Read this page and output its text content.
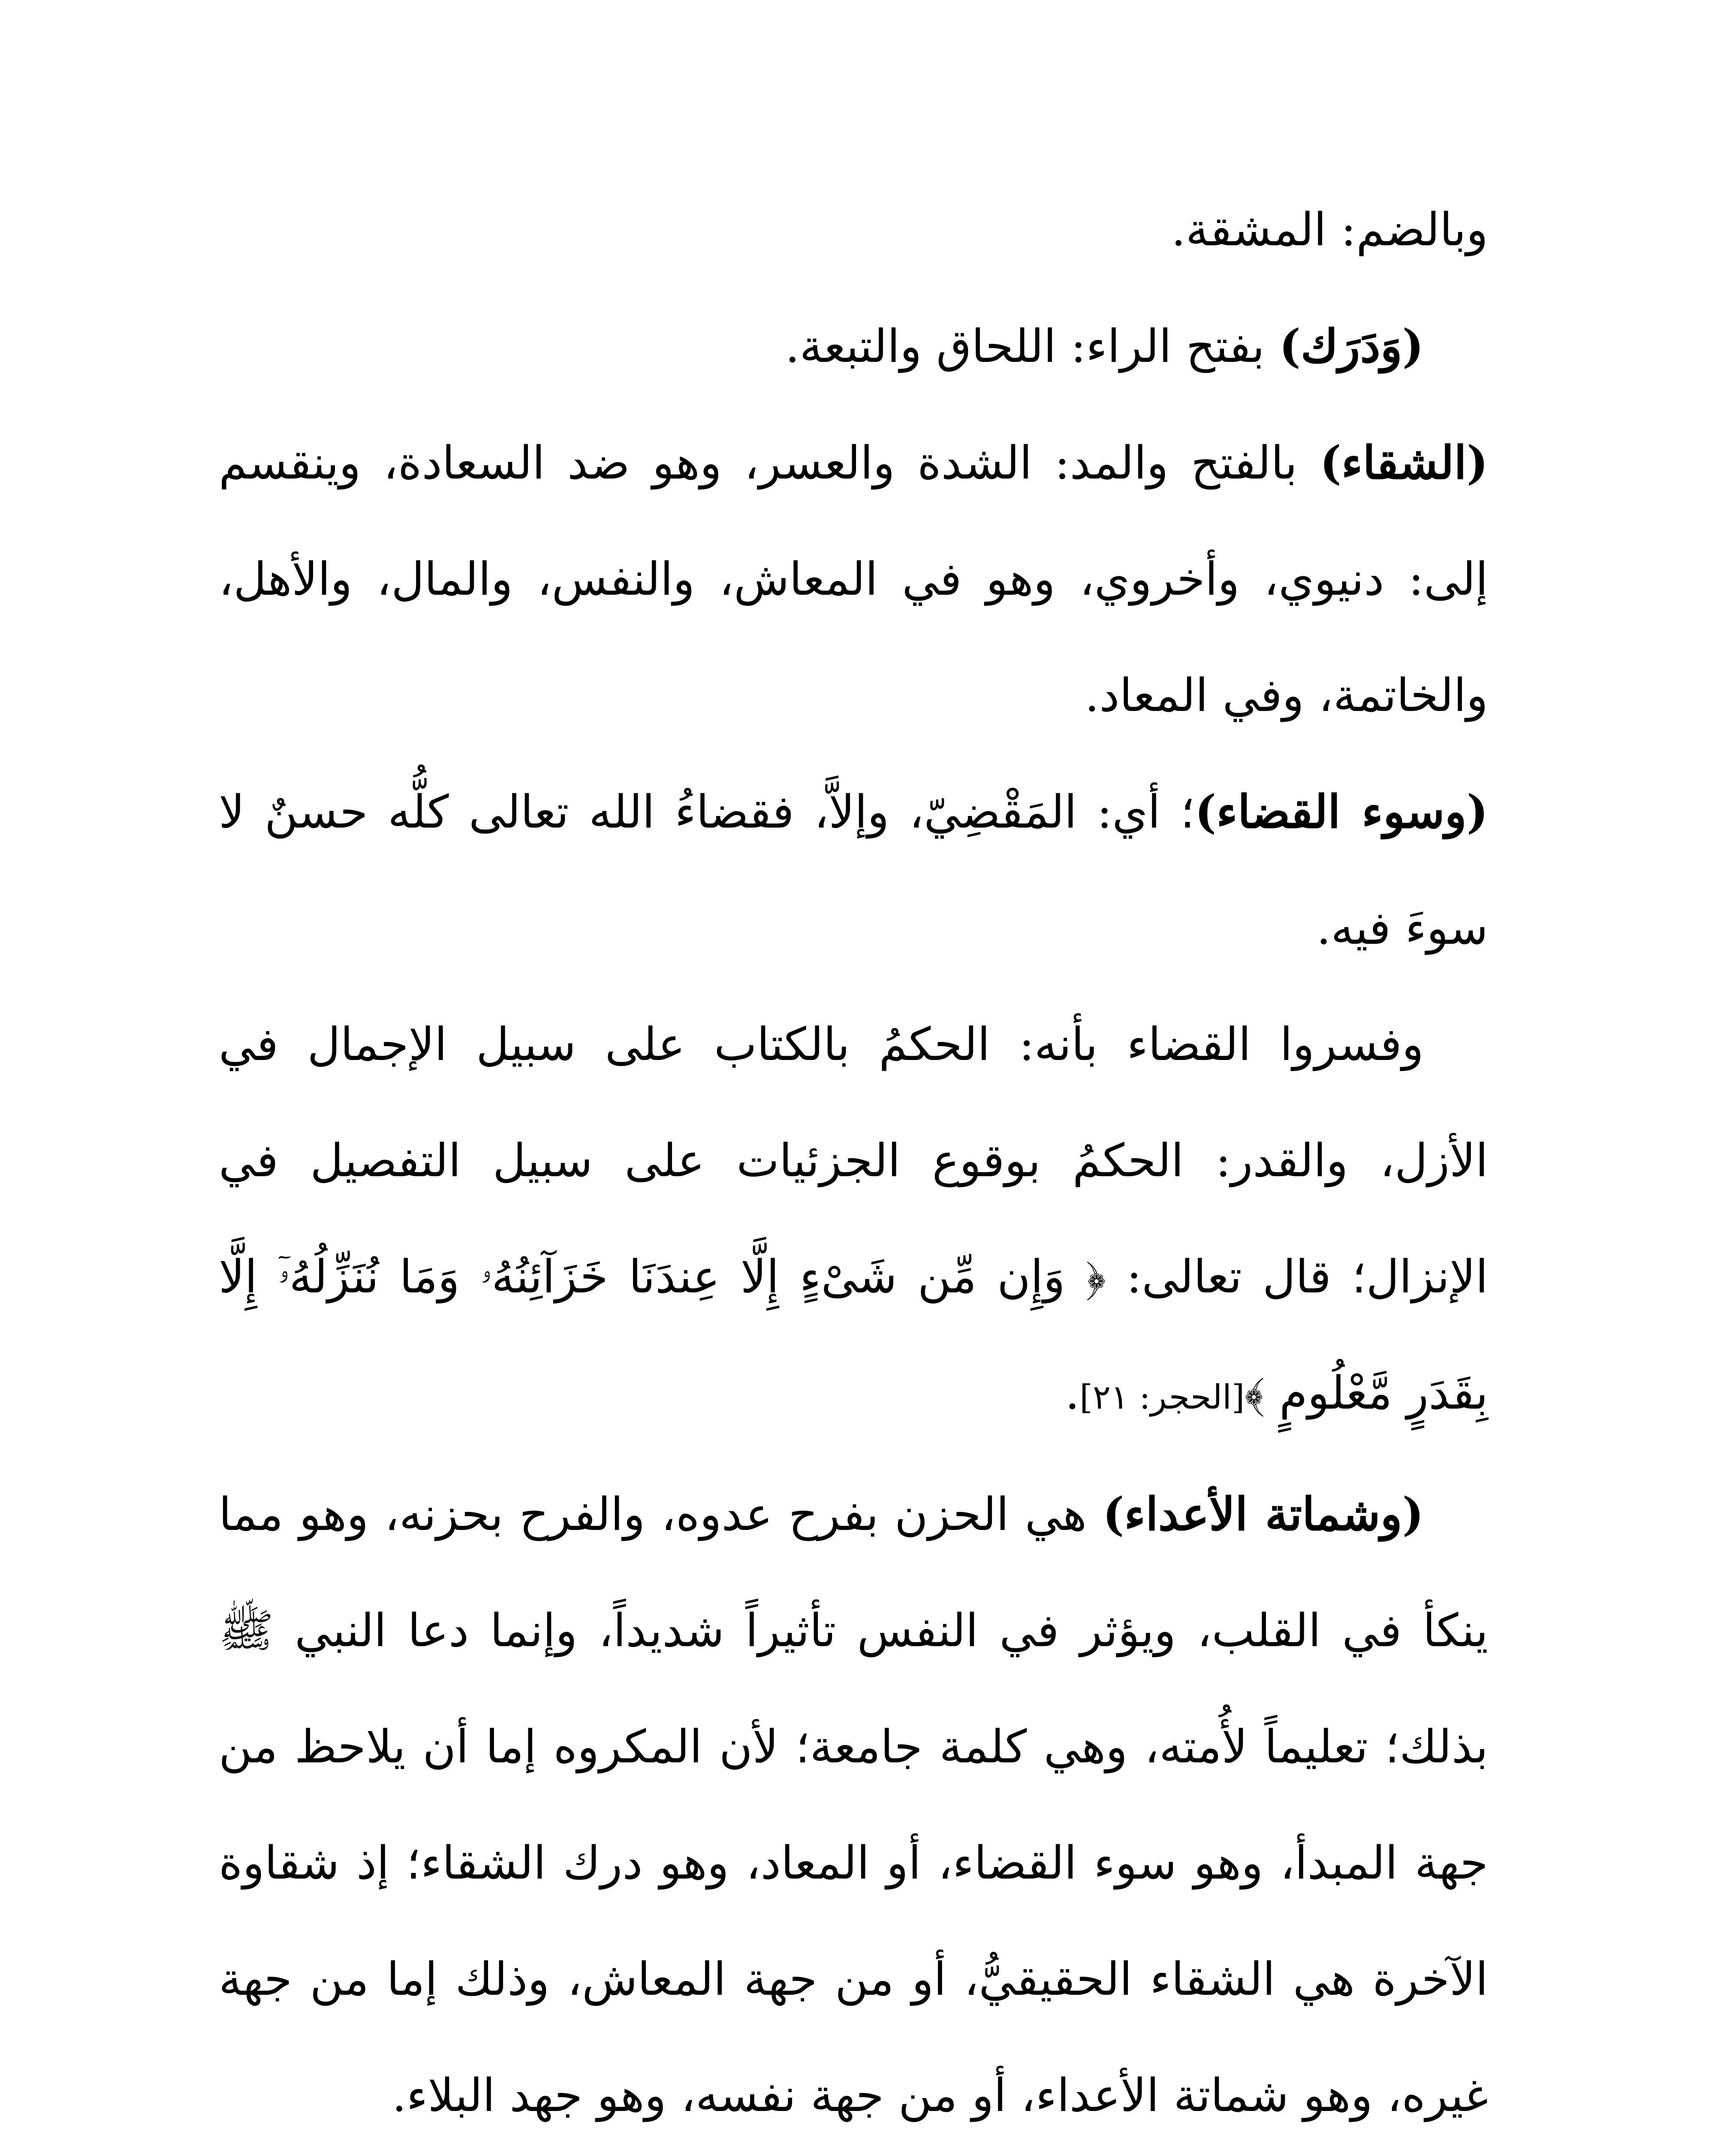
وبالضم: المشقة.

(وَدَرَك) بفتح الراء: اللحاق والتبعة.

(الشقاء) بالفتح والمد: الشدة والعسر، وهو ضد السعادة، وينقسم إلى: دنيوي، وأخروي، وهو في المعاش، والنفس، والمال، والأهل، والخاتمة، وفي المعاد.

(وسوء القضاء)؛ أي: المَقْضِيّ، وإلاَّ، فقضاءُ الله تعالى كلُّه حسنٌ لا سوءَ فيه.

وفسروا القضاء بأنه: الحكمُ بالكتاب على سبيل الإجمال في الأزل، والقدر: الحكمُ بوقوع الجزئيات على سبيل التفصيل في الإنزال؛ قال تعالى: ﴿ وَإِن مِّن شَىْءٍ إِلَّا عِندَنَا خَزَآئِنُهُۥ وَمَا نُنَزِّلُهُۥٓ إِلَّا بِقَدَرٍ مَّعْلُومٍ ﴾[الحجر: ٢١].

(وشماتة الأعداء) هي الحزن بفرح عدوه، والفرح بحزنه، وهو مما ينكأ في القلب، ويؤثر في النفس تأثيراً شديداً، وإنما دعا النبي ﷺ بذلك؛ تعليماً لأُمته، وهي كلمة جامعة؛ لأن المكروه إما أن يلاحظ من جهة المبدأ، وهو سوء القضاء، أو المعاد، وهو درك الشقاء؛ إذ شقاوة الآخرة هي الشقاء الحقيقيُّ، أو من جهة المعاش، وذلك إما من جهة غيره، وهو شماتة الأعداء، أو من جهة نفسه، وهو جهد البلاء.
